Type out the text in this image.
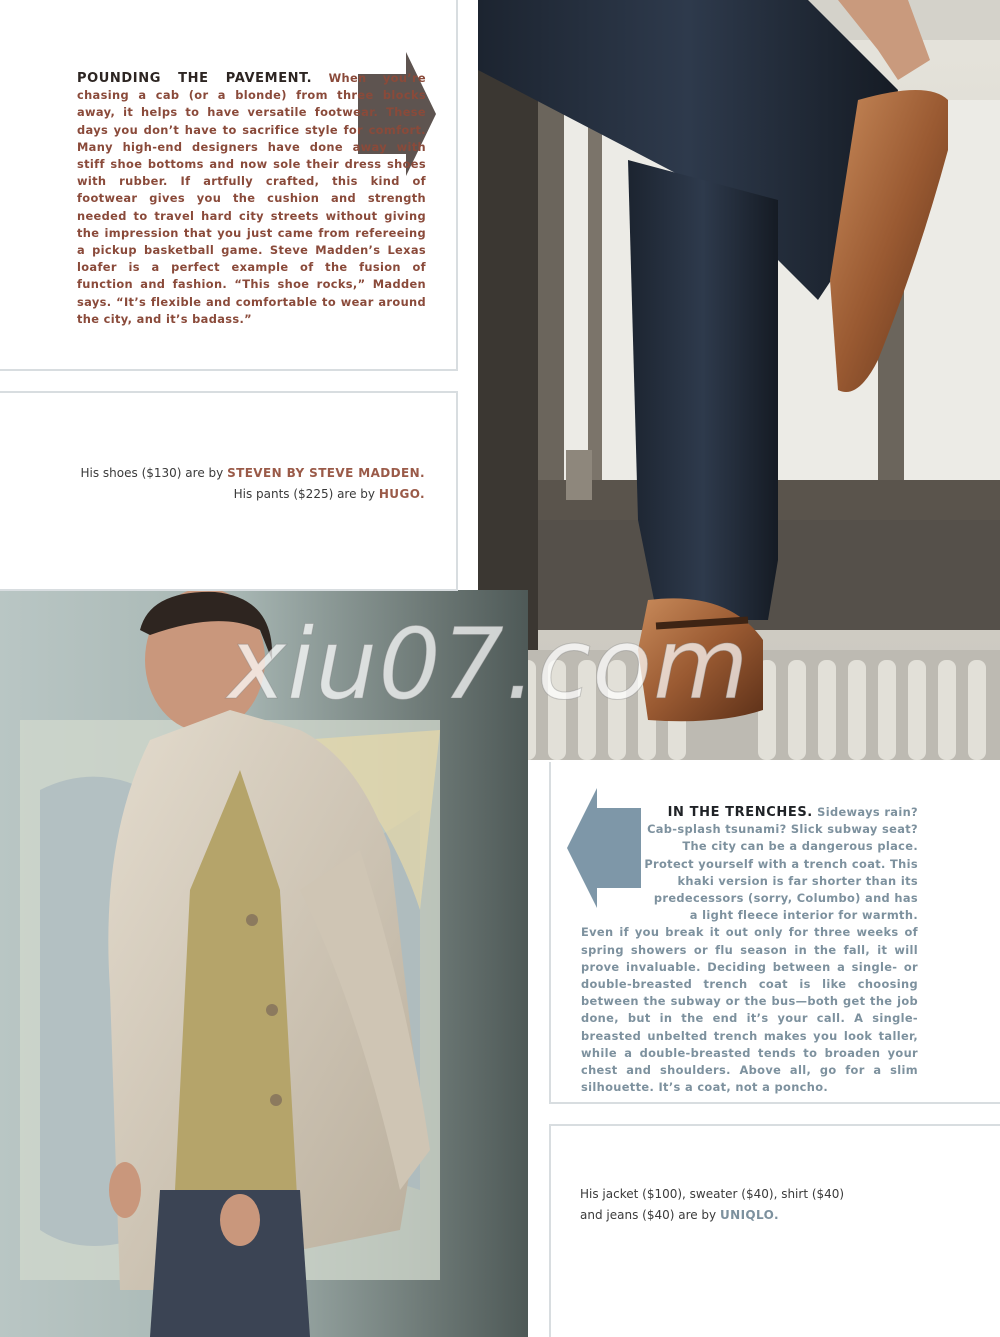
POUNDING THE PAVEMENT. When you’re chasing a cab (or a blonde) from three blocks away, it helps to have versatile footwear. These days you don’t have to sacrifice style for comfort. Many high-end designers have done away with stiff shoe bottoms and now sole their dress shoes with rubber. If artfully crafted, this kind of footwear gives you the cushion and strength needed to travel hard city streets without giving the impression that you just came from refereeing a pickup basketball game. Steve Madden’s Lexas loafer is a perfect example of the fusion of function and fashion. “This shoe rocks,” Madden says. “It’s flexible and comfortable to wear around the city, and it’s badass.”
His shoes ($130) are by STEVEN BY STEVE MADDEN.
His pants ($225) are by HUGO.
IN THE TRENCHES. Sideways rain? Cab-splash tsunami? Slick subway seat? The city can be a dangerous place. Protect yourself with a trench coat. This khaki version is far shorter than its predecessors (sorry, Columbo) and has a light fleece interior for warmth.
Even if you break it out only for three weeks of spring showers or flu season in the fall, it will prove invaluable. Deciding between a single- or double-breasted trench coat is like choosing between the subway or the bus—both get the job done, but in the end it’s your call. A single-breasted unbelted trench makes you look taller, while a double-breasted tends to broaden your chest and shoulders. Above all, go for a slim silhouette. It’s a coat, not a poncho.
His jacket ($100), sweater ($40), shirt ($40)
and jeans ($40) are by UNIQLO.
xiu07.com
